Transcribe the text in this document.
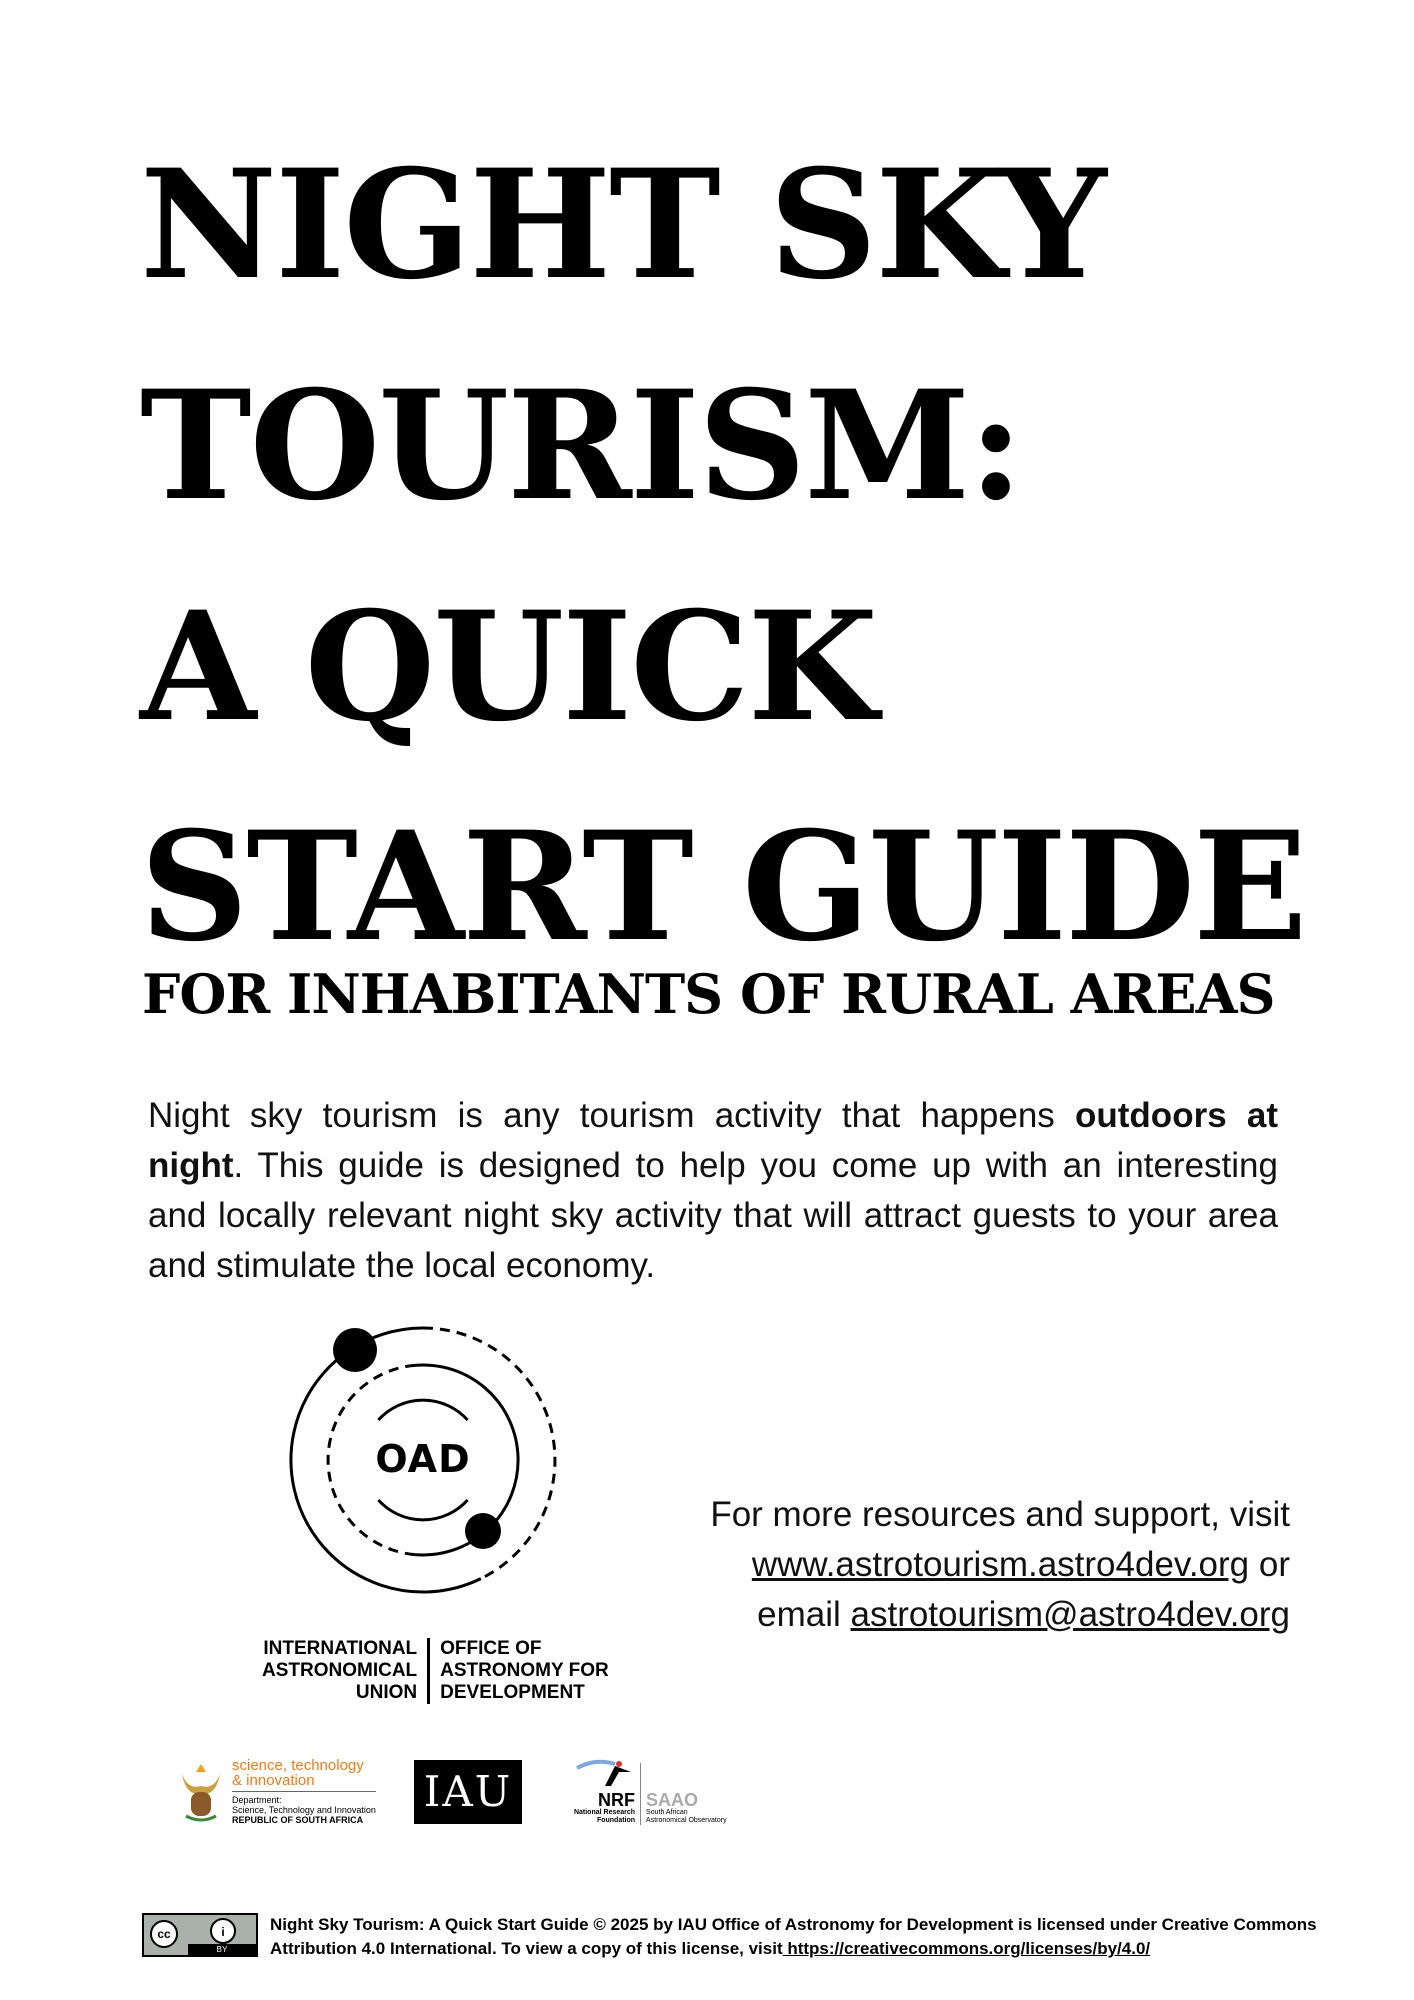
NIGHT SKY
TOURISM:
A QUICK
START GUIDE
FOR INHABITANTS OF RURAL AREAS

Night sky tourism is any tourism activity that happens outdoors at night. This guide is designed to help you come up with an interesting and locally relevant night sky activity that will attract guests to your area and stimulate the local economy.

OAD
INTERNATIONAL
ASTRONOMICAL
UNION
OFFICE OF
ASTRONOMY FOR
DEVELOPMENT
For more resources and support, visit
www.astrotourism.astro4dev.org or
email astrotourism@astro4dev.org
science, technology
& innovation
Department:
Science, Technology and Innovation
REPUBLIC OF SOUTH AFRICA
IAU	NRF
National Research
Foundation
SAAO
South African
Astronomical Observatory
cc	i
BY
Night Sky Tourism: A Quick Start Guide © 2025 by IAU Office of Astronomy for Development is licensed under Creative Commons Attribution 4.0 International. To view a copy of this license, visit https://creativecommons.org/licenses/by/4.0/
